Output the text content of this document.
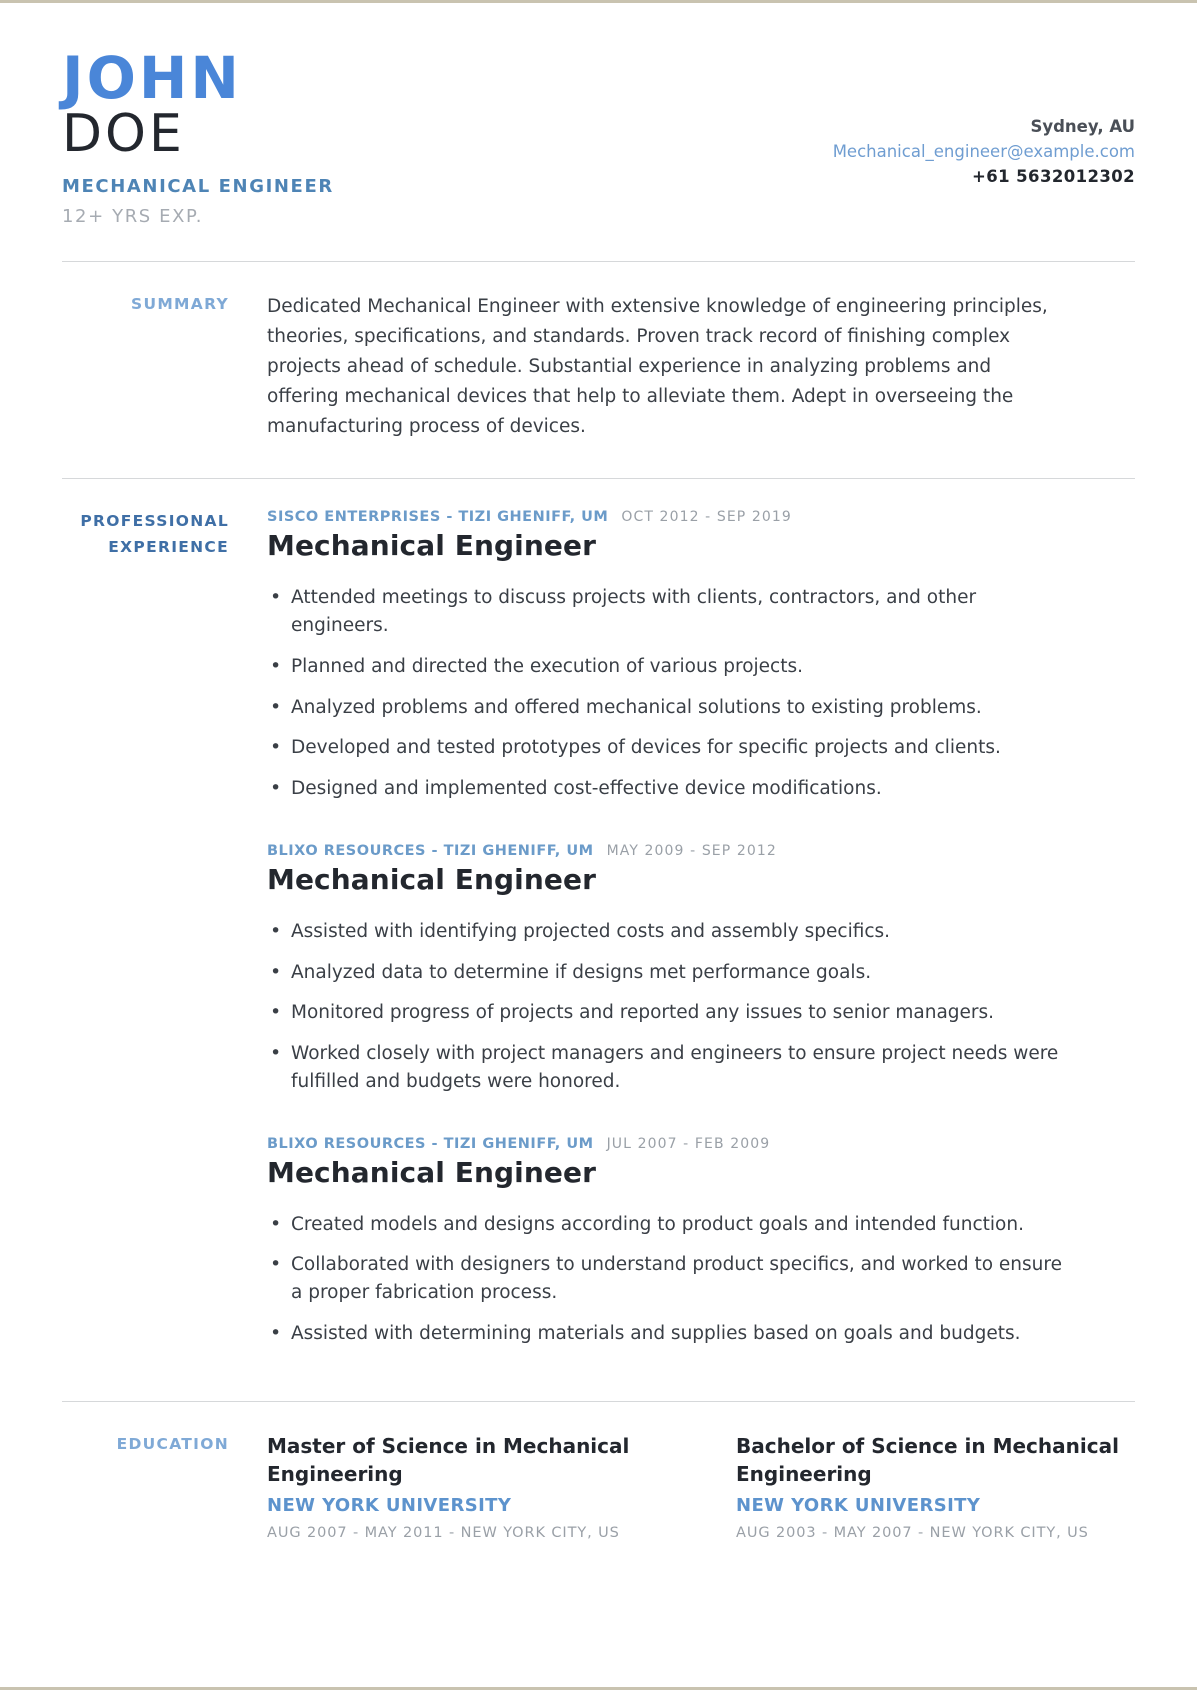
JOHN
DOE
MECHANICAL ENGINEER
12+ YRS EXP.
Sydney, AU
Mechanical_engineer@example.com
+61 5632012302
SUMMARY	Dedicated Mechanical Engineer with extensive knowledge of engineering principles, theories, specifications, and standards. Proven track record of finishing complex projects ahead of schedule. Substantial experience in analyzing problems and offering mechanical devices that help to alleviate them. Adept in overseeing the manufacturing process of devices.
PROFESSIONAL
EXPERIENCE
SISCO ENTERPRISES - TIZI GHENIFF, UM OCT 2012 - SEP 2019
Mechanical Engineer
• Attended meetings to discuss projects with clients, contractors, and other engineers.
• Planned and directed the execution of various projects.
• Analyzed problems and offered mechanical solutions to existing problems.
• Developed and tested prototypes of devices for specific projects and clients.
• Designed and implemented cost-effective device modifications.
BLIXO RESOURCES - TIZI GHENIFF, UM MAY 2009 - SEP 2012
Mechanical Engineer
• Assisted with identifying projected costs and assembly specifics.
• Analyzed data to determine if designs met performance goals.
• Monitored progress of projects and reported any issues to senior managers.
• Worked closely with project managers and engineers to ensure project needs were fulfilled and budgets were honored.
BLIXO RESOURCES - TIZI GHENIFF, UM JUL 2007 - FEB 2009
Mechanical Engineer
• Created models and designs according to product goals and intended function.
• Collaborated with designers to understand product specifics, and worked to ensure a proper fabrication process.
• Assisted with determining materials and supplies based on goals and budgets.
EDUCATION	Master of Science in Mechanical Engineering
NEW YORK UNIVERSITY
AUG 2007 - MAY 2011 - NEW YORK CITY, US
Bachelor of Science in Mechanical Engineering
NEW YORK UNIVERSITY
AUG 2003 - MAY 2007 - NEW YORK CITY, US
